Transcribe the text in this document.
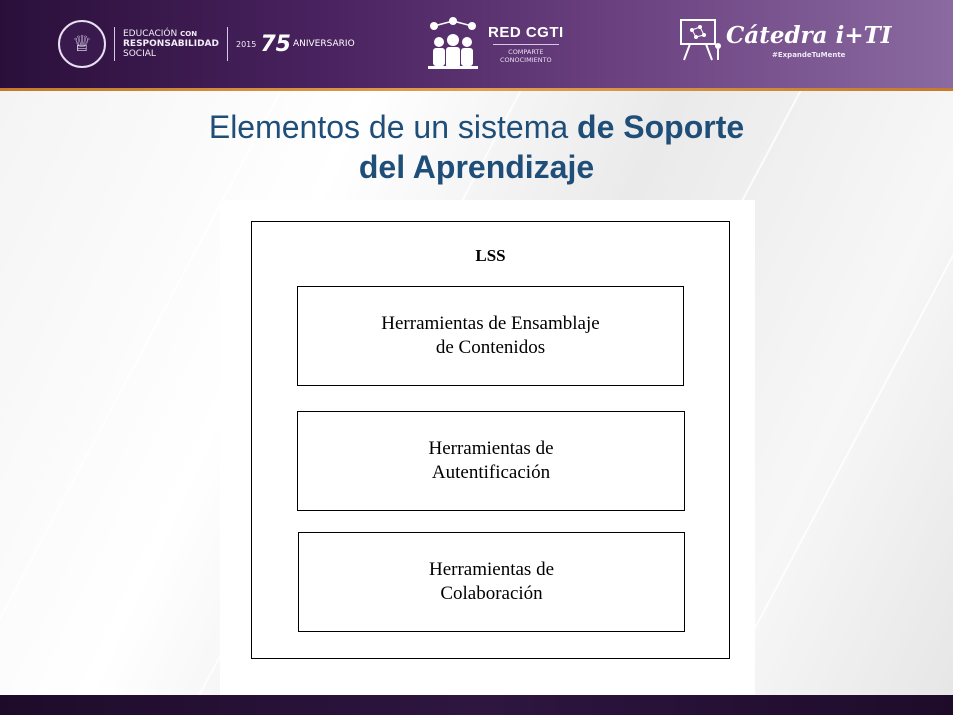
♕	EDUCACIÓN CON
RESPONSABILIDAD
SOCIAL
2015 75 ANIVERSARIO
RED CGTI
COMPARTE
CONOCIMIENTO
Cátedra i+TI
#ExpandeTuMente
Elementos de un sistema de Soporte
del Aprendizaje
LSS
Herramientas de Ensamblaje
de Contenidos
Herramientas de
Autentificación
Herramientas de
Colaboración
